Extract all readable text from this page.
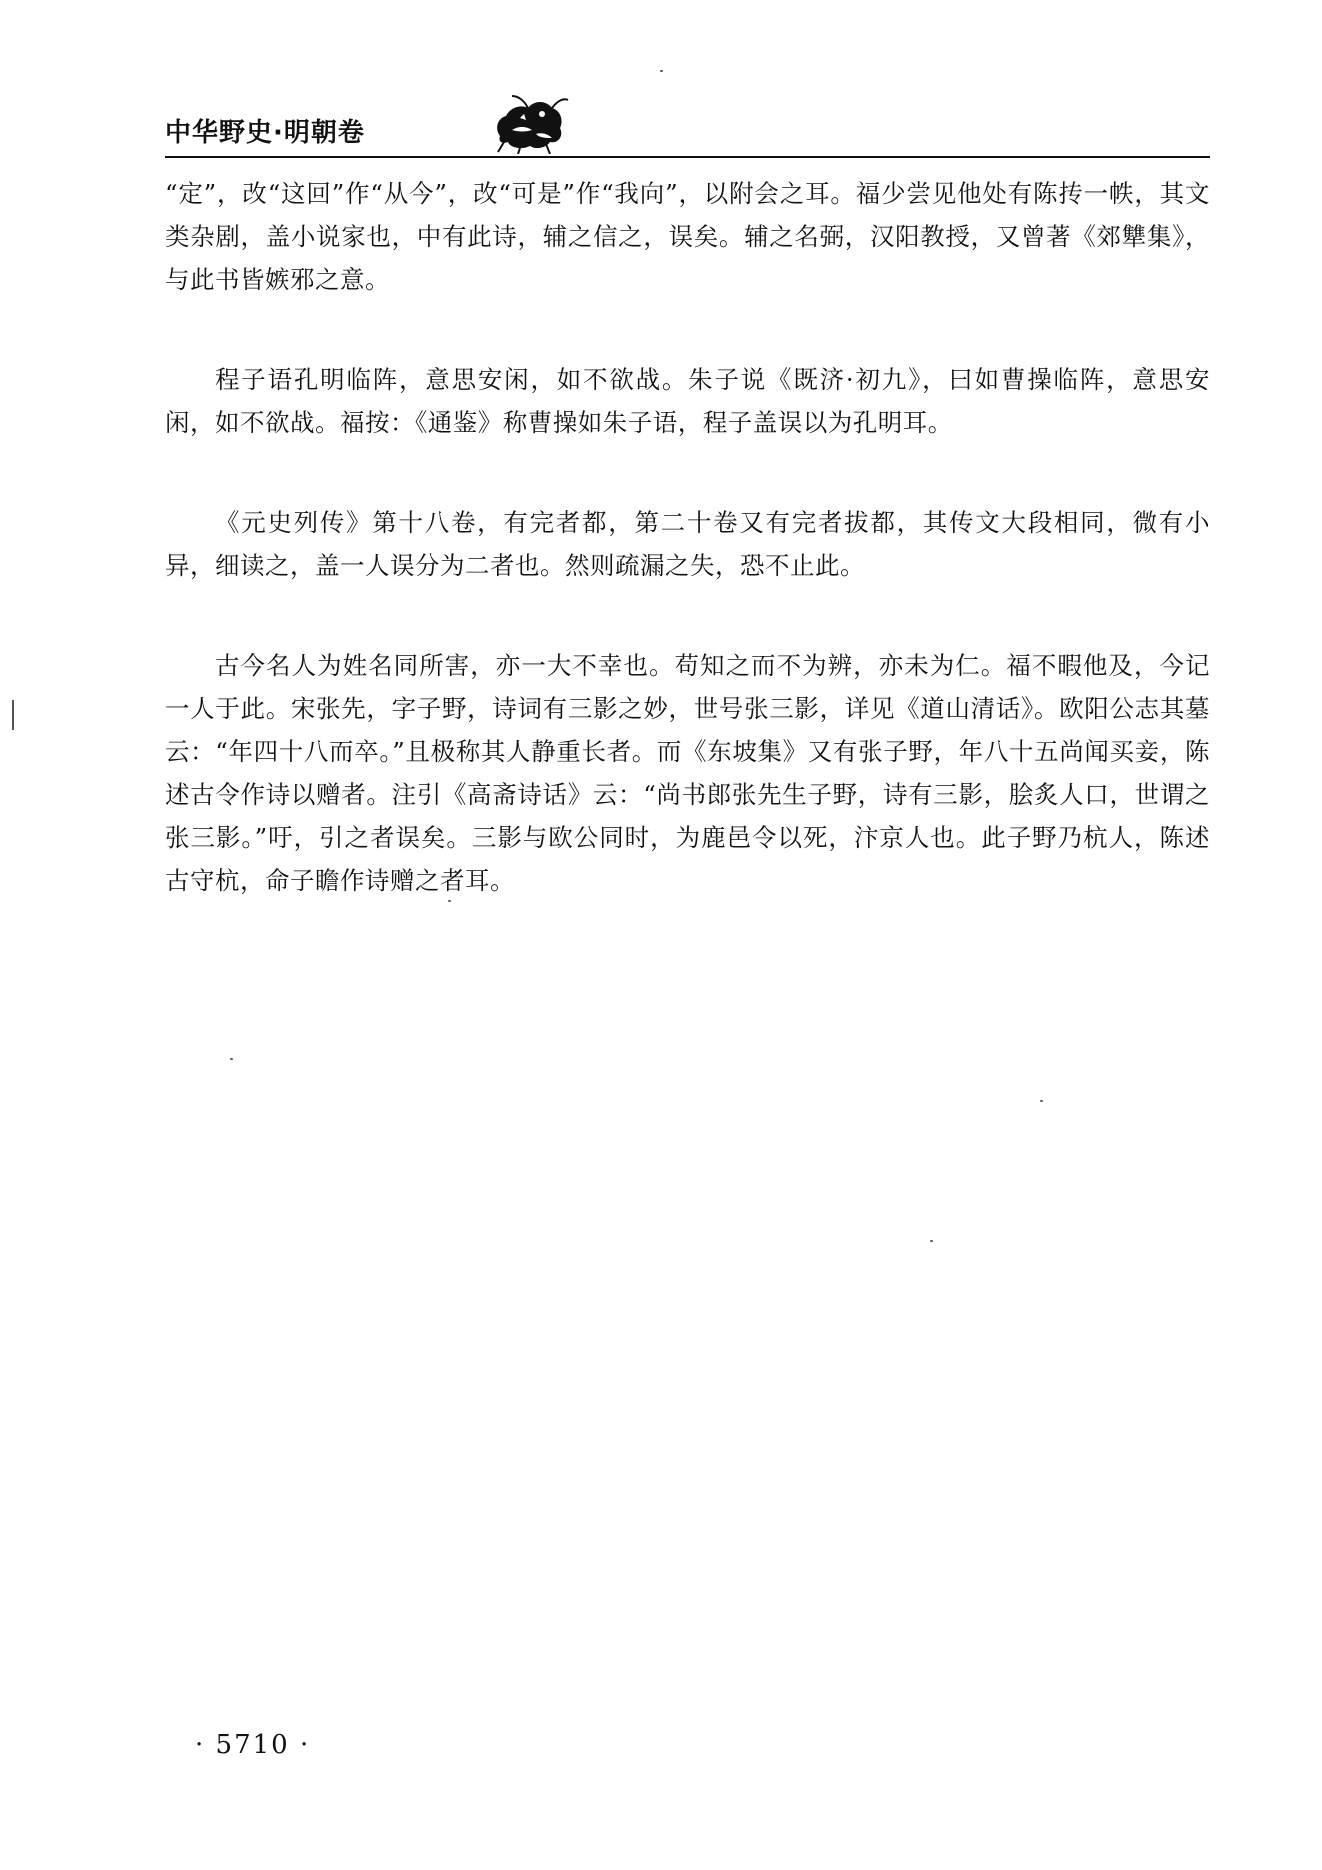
中华野史·明朝卷

“定”，改“这回”作“从今”，改“可是”作“我向”，以附会之耳。福少尝见他处有陈抟一帙，其文类杂剧，盖小说家也，中有此诗，辅之信之，误矣。辅之名弼，汉阳教授，又曾著《郊犨集》，与此书皆嫉邪之意。

程子语孔明临阵，意思安闲，如不欲战。朱子说《既济·初九》，曰如曹操临阵，意思安闲，如不欲战。福按：《通鉴》称曹操如朱子语，程子盖误以为孔明耳。

《元史列传》第十八卷，有完者都，第二十卷又有完者拔都，其传文大段相同，微有小异，细读之，盖一人误分为二者也。然则疏漏之失，恐不止此。

古今名人为姓名同所害，亦一大不幸也。苟知之而不为辨，亦未为仁。福不暇他及，今记一人于此。宋张先，字子野，诗词有三影之妙，世号张三影，详见《道山清话》。欧阳公志其墓云：“年四十八而卒。”且极称其人静重长者。而《东坡集》又有张子野，年八十五尚闻买妾，陈述古令作诗以赠者。注引《高斋诗话》云：“尚书郎张先生子野，诗有三影，脍炙人口，世谓之张三影。”吁，引之者误矣。三影与欧公同时，为鹿邑令以死，汴京人也。此子野乃杭人，陈述古守杭，命子瞻作诗赠之者耳。

· 5710 ·
